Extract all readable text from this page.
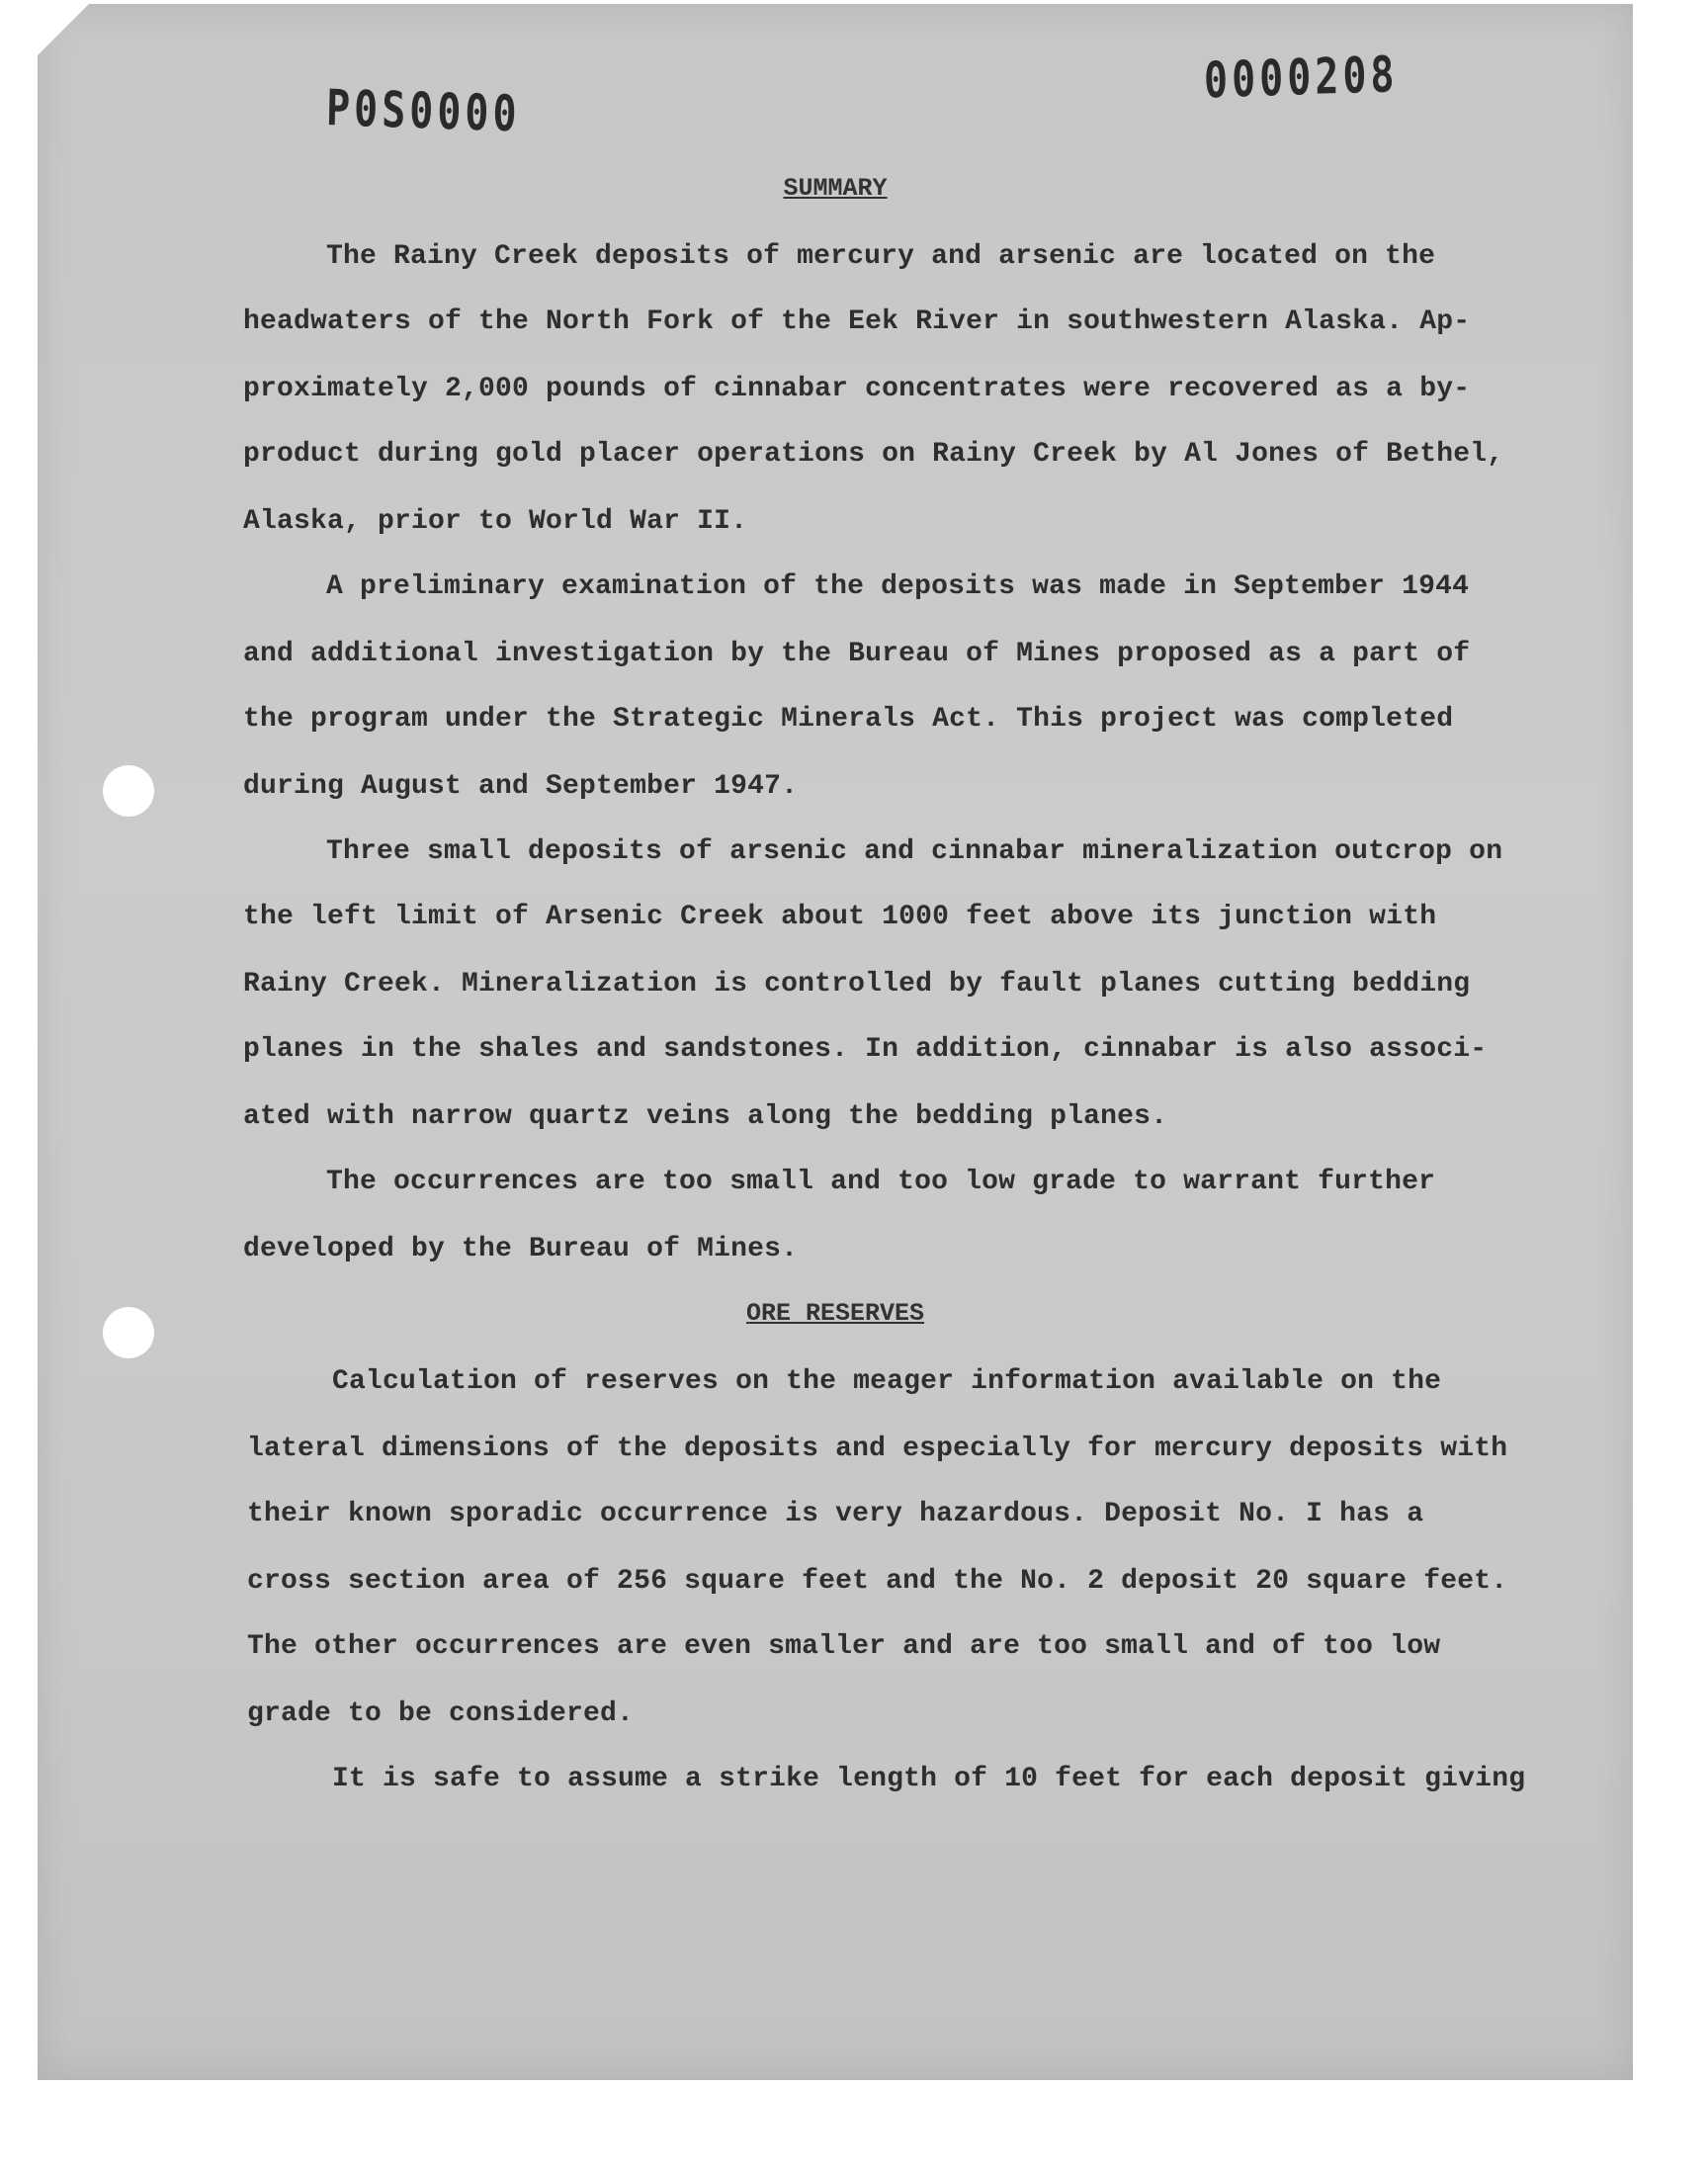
P0S0000
0000208
SUMMARY
The Rainy Creek deposits of mercury and arsenic are located on the
headwaters of the North Fork of the Eek River in southwestern Alaska. Ap-
proximately 2,000 pounds of cinnabar concentrates were recovered as a by-
product during gold placer operations on Rainy Creek by Al Jones of Bethel,
Alaska, prior to World War II.
A preliminary examination of the deposits was made in September 1944
and additional investigation by the Bureau of Mines proposed as a part of
the program under the Strategic Minerals Act. This project was completed
during August and September 1947.
Three small deposits of arsenic and cinnabar mineralization outcrop on
the left limit of Arsenic Creek about 1000 feet above its junction with
Rainy Creek. Mineralization is controlled by fault planes cutting bedding
planes in the shales and sandstones. In addition, cinnabar is also associ-
ated with narrow quartz veins along the bedding planes.
The occurrences are too small and too low grade to warrant further
developed by the Bureau of Mines.
ORE RESERVES
Calculation of reserves on the meager information available on the
lateral dimensions of the deposits and especially for mercury deposits with
their known sporadic occurrence is very hazardous. Deposit No. I has a
cross section area of 256 square feet and the No. 2 deposit 20 square feet.
The other occurrences are even smaller and are too small and of too low
grade to be considered.
It is safe to assume a strike length of 10 feet for each deposit giving
